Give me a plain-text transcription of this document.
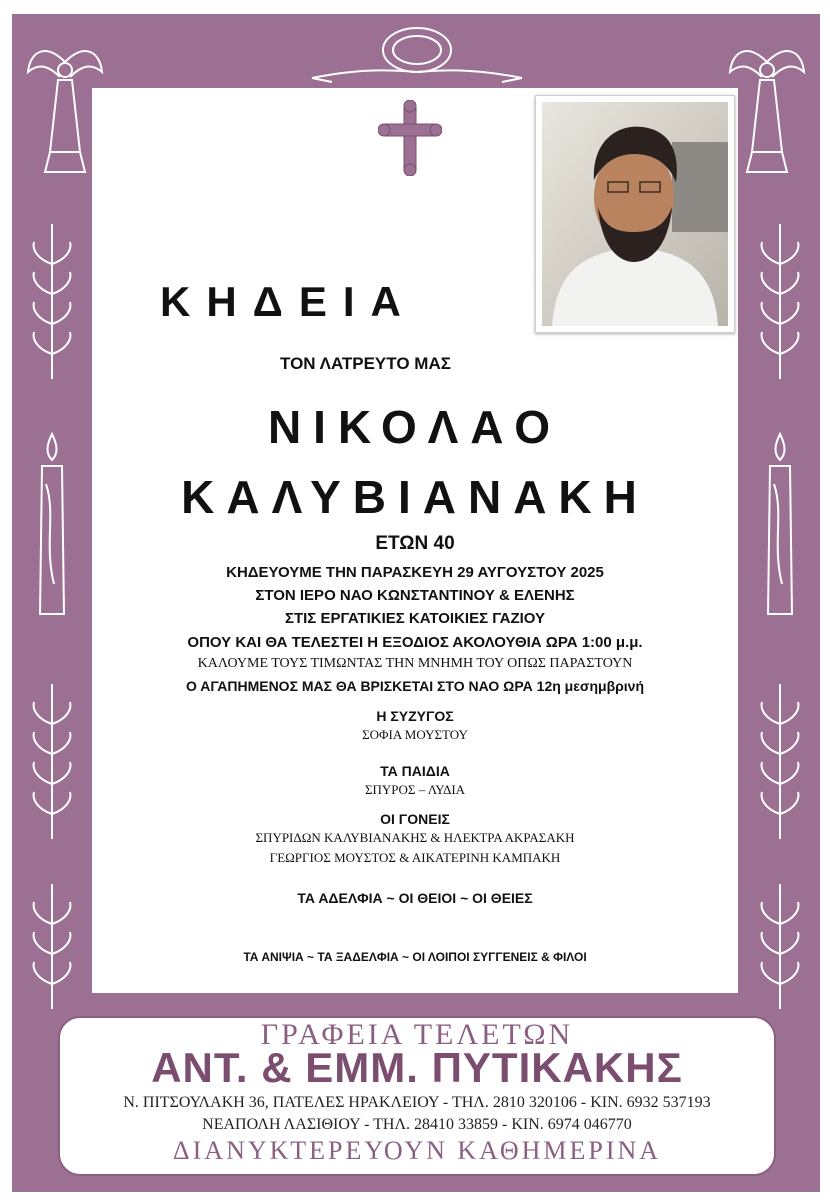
ΚΗΔΕΙΑ
ΤΟΝ ΛΑΤΡΕΥΤΟ ΜΑΣ
ΝΙΚΟΛΑΟ
ΚΑΛΥΒΙΑΝΑΚΗ
ΕΤΩΝ 40
ΚΗΔΕΥΟΥΜΕ ΤΗΝ ΠΑΡΑΣΚΕΥΗ 29 ΑΥΓΟΥΣΤΟΥ 2025
ΣΤΟΝ ΙΕΡΟ ΝΑΟ ΚΩΝΣΤΑΝΤΙΝΟΥ & ΕΛΕΝΗΣ
ΣΤΙΣ ΕΡΓΑΤΙΚΙΕΣ ΚΑΤΟΙΚΙΕΣ ΓΑΖΙΟΥ
ΟΠΟΥ ΚΑΙ ΘΑ ΤΕΛΕΣΤΕΙ Η ΕΞΟΔΙΟΣ ΑΚΟΛΟΥΘΙΑ ΩΡΑ 1:00 μ.μ.
ΚΑΛΟΥΜΕ ΤΟΥΣ ΤΙΜΩΝΤΑΣ ΤΗΝ ΜΝΗΜΗ ΤΟΥ ΟΠΩΣ ΠΑΡΑΣΤΟΥΝ
Ο ΑΓΑΠΗΜΕΝΟΣ ΜΑΣ ΘΑ ΒΡΙΣΚΕΤΑΙ ΣΤΟ ΝΑΟ ΩΡΑ 12η μεσημβρινή
Η ΣΥΖΥΓΟΣ
ΣΟΦΙΑ ΜΟΥΣΤΟΥ
ΤΑ ΠΑΙΔΙΑ
ΣΠΥΡΟΣ – ΛΥΔΙΑ
ΟΙ ΓΟΝΕΙΣ
ΣΠΥΡΙΔΩΝ ΚΑΛΥΒΙΑΝΑΚΗΣ & ΗΛΕΚΤΡΑ ΑΚΡΑΣΑΚΗ
ΓΕΩΡΓΙΟΣ ΜΟΥΣΤΟΣ & ΑΙΚΑΤΕΡΙΝΗ ΚΑΜΠΑΚΗ
ΤΑ ΑΔΕΛΦΙΑ ~ ΟΙ ΘΕΙΟΙ ~ ΟΙ ΘΕΙΕΣ
ΤΑ ΑΝΙΨΙΑ ~ ΤΑ ΞΑΔΕΛΦΙΑ ~ ΟΙ ΛΟΙΠΟΙ ΣΥΓΓΕΝΕΙΣ & ΦΙΛΟΙ
ΓΡΑΦΕΙΑ ΤΕΛΕΤΩΝ
ΑΝΤ. & ΕΜΜ. ΠΥΤΙΚΑΚΗΣ
Ν. ΠΙΤΣΟΥΛΑΚΗ 36, ΠΑΤΕΛΕΣ ΗΡΑΚΛΕΙΟΥ - ΤΗΛ. 2810 320106 - ΚΙΝ. 6932 537193
ΝΕΑΠΟΛΗ ΛΑΣΙΘΙΟΥ - ΤΗΛ. 28410 33859 - ΚΙΝ. 6974 046770
ΔΙΑΝΥΚΤΕΡΕΥΟΥΝ ΚΑΘΗΜΕΡΙΝΑ
